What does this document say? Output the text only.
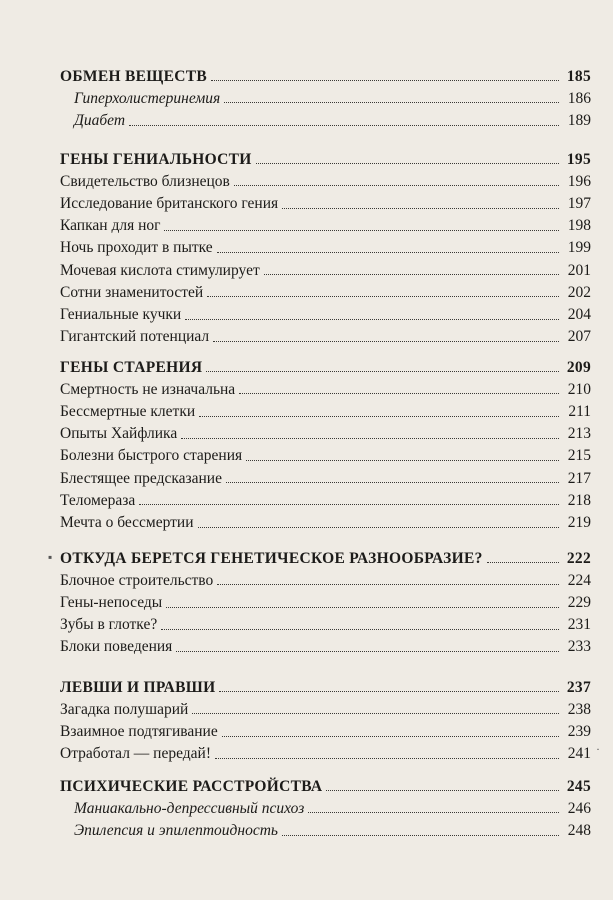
ОБМЕН ВЕЩЕСТВ	185
Гиперхолистеринемия	186
Диабет	189
ГЕНЫ ГЕНИАЛЬНОСТИ	195
Свидетельство близнецов	196
Исследование британского гения	197
Капкан для ног	198
Ночь проходит в пытке	199
Мочевая кислота стимулирует	201
Сотни знаменитостей	202
Гениальные кучки	204
Гигантский потенциал	207
ГЕНЫ СТАРЕНИЯ	209
Смертность не изначальна	210
Бессмертные клетки	211
Опыты Хайфлика	213
Болезни быстрого старения	215
Блестящее предсказание	217
Теломераза	218
Мечта о бессмертии	219
ОТКУДА БЕРЕТСЯ ГЕНЕТИЧЕСКОЕ РАЗНООБРАЗИЕ?	222
Блочное строительство	224
Гены-непоседы	229
Зубы в глотке?	231
Блоки поведения	233
ЛЕВШИ И ПРАВШИ	237
Загадка полушарий	238
Взаимное подтягивание	239
Отработал — передай!	241
ПСИХИЧЕСКИЕ РАССТРОЙСТВА	245
Маниакально-депрессивный психоз	246
Эпилепсия и эпилептоидность	248
▪
·
